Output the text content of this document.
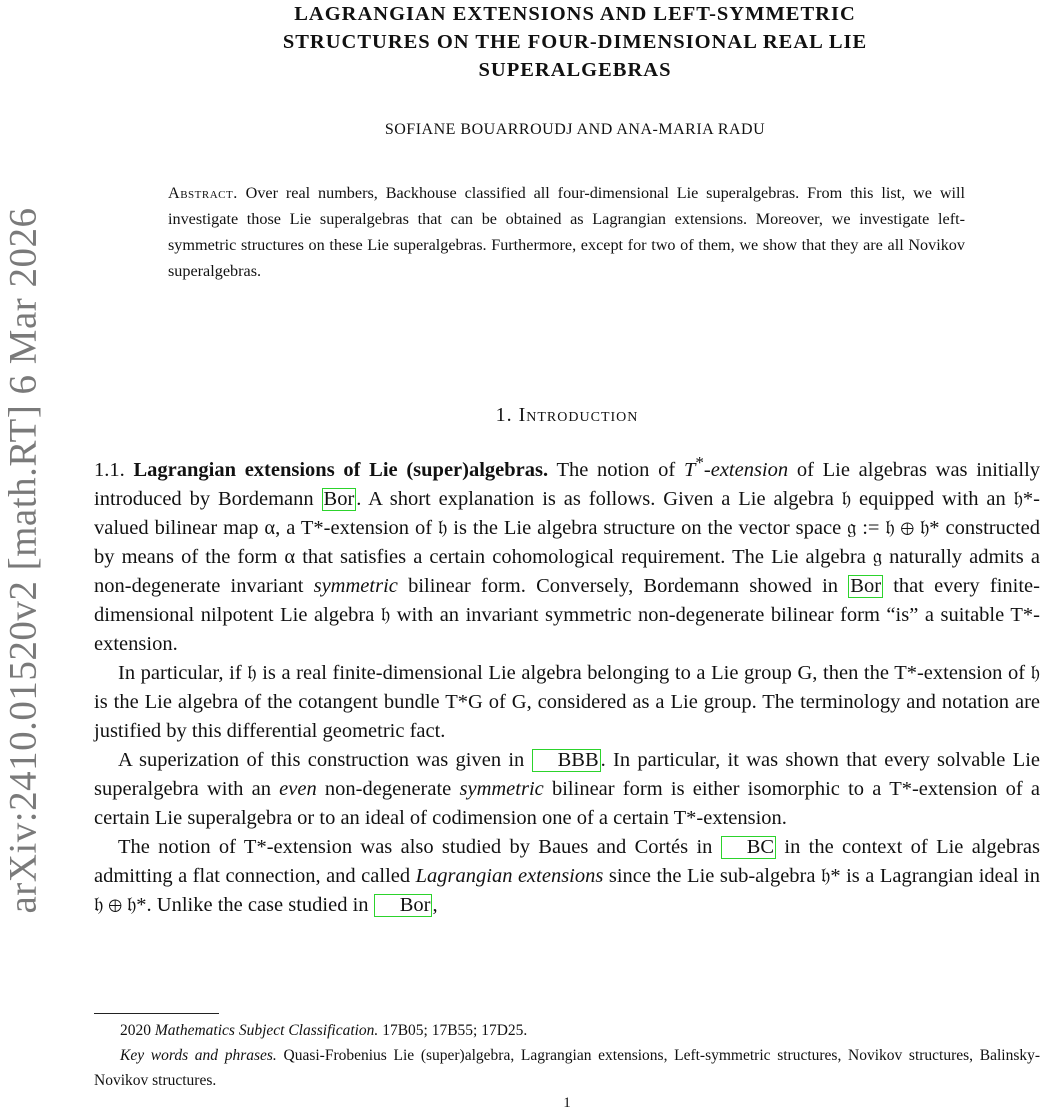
arXiv:2410.01520v2 [math.RT] 6 Mar 2026
LAGRANGIAN EXTENSIONS AND LEFT-SYMMETRIC
STRUCTURES ON THE FOUR-DIMENSIONAL REAL LIE
SUPERALGEBRAS

SOFIANE BOUARROUDJ AND ANA-MARIA RADU

Abstract. Over real numbers, Backhouse classified all four-dimensional Lie superalgebras. From this list, we will investigate those Lie superalgebras that can be obtained as Lagrangian extensions. Moreover, we investigate left-symmetric structures on these Lie superalgebras. Furthermore, except for two of them, we show that they are all Novikov superalgebras.

1. Introduction

1.1. Lagrangian extensions of Lie (super)algebras. The notion of T*-extension of Lie algebras was initially introduced by Bordemann Bor. A short explanation is as follows. Given a Lie algebra 𝔥 equipped with an 𝔥*-valued bilinear map α, a T*-extension of 𝔥 is the Lie algebra structure on the vector space 𝔤 := 𝔥 ⊕ 𝔥* constructed by means of the form α that satisfies a certain cohomological requirement. The Lie algebra 𝔤 naturally admits a non-degenerate invariant symmetric bilinear form. Conversely, Bordemann showed in Bor that every finite-dimensional nilpotent Lie algebra 𝔥 with an invariant symmetric non-degenerate bilinear form “is” a suitable T*-extension.

In particular, if 𝔥 is a real finite-dimensional Lie algebra belonging to a Lie group G, then the T*-extension of 𝔥 is the Lie algebra of the cotangent bundle T*G of G, considered as a Lie group. The terminology and notation are justified by this differential geometric fact.

A superization of this construction was given in BBB. In particular, it was shown that every solvable Lie superalgebra with an even non-degenerate symmetric bilinear form is either isomorphic to a T*-extension of a certain Lie superalgebra or to an ideal of codimension one of a certain T*-extension.

The notion of T*-extension was also studied by Baues and Cortés in BC in the context of Lie algebras admitting a flat connection, and called Lagrangian extensions since the Lie sub-algebra 𝔥* is a Lagrangian ideal in 𝔥 ⊕ 𝔥*. Unlike the case studied in Bor,

2020 Mathematics Subject Classification. 17B05; 17B55; 17D25.

Key words and phrases. Quasi-Frobenius Lie (super)algebra, Lagrangian extensions, Left-symmetric structures, Novikov structures, Balinsky-Novikov structures.

1
